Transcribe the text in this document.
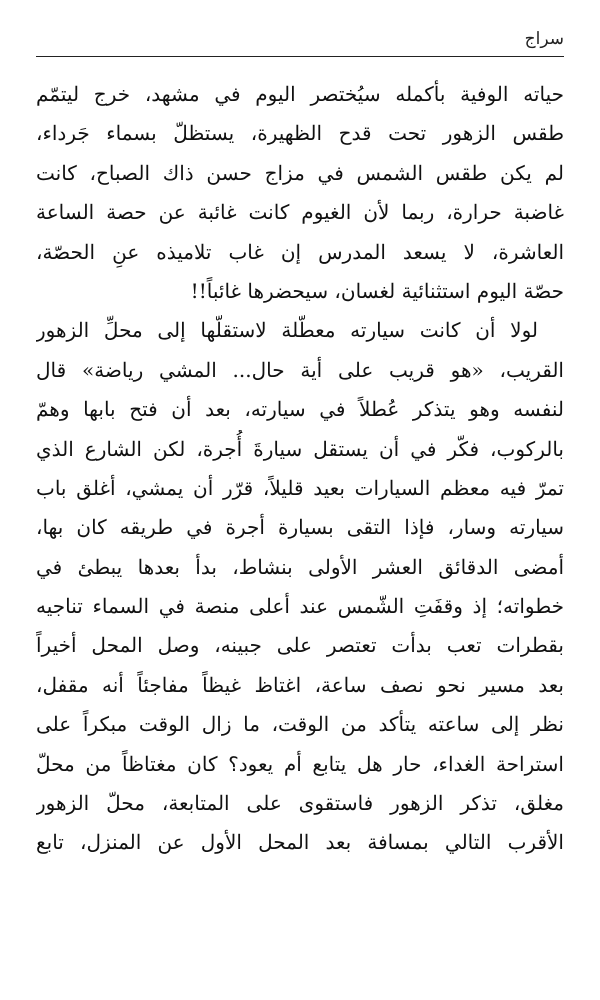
سراج
حياته الوفية بأكمله سيُختصر اليوم في مشهد، خرج ليتمّم
طقس الزهور تحت قدح الظهيرة، يستظلّ بسماء جَرداء،
لم يكن طقس الشمس في مزاج حسن ذاك الصباح، كانت
غاضبة حرارة، ربما لأن الغيوم كانت غائبة عن حصة الساعة
العاشرة، لا يسعد المدرس إن غاب تلاميذه عنِ الحصّة،
حصّة اليوم استثنائية لغسان، سيحضرها غائباً!!
لولا أن كانت سيارته معطّلة لاستقلّها إلى محلِّ الزهور
القريب، «هو قريب على أية حال... المشي رياضة» قال
لنفسه وهو يتذكر عُطلاً في سيارته، بعد أن فتح بابها وهمّ
بالركوب، فكّر في أن يستقل سيارةَ أُجرة، لكن الشارع الذي
تمرّ فيه معظم السيارات بعيد قليلاً، قرّر أن يمشي، أغلق باب
سيارته وسار، فإذا التقى بسيارة أجرة في طريقه كان بها،
أمضى الدقائق العشر الأولى بنشاط، بدأ بعدها يبطئ في
خطواته؛ إذ وقفَتِ الشّمس عند أعلى منصة في السماء تناجيه
بقطرات تعب بدأت تعتصر على جبينه، وصل المحل أخيراً
بعد مسير نحو نصف ساعة، اغتاظ غيظاً مفاجئاً أنه مقفل،
نظر إلى ساعته يتأكد من الوقت، ما زال الوقت مبكراً على
استراحة الغداء، حار هل يتابع أم يعود؟ كان مغتاظاً من محلّ
مغلق، تذكر الزهور فاستقوى على المتابعة، محلّ الزهور
الأقرب التالي بمسافة بعد المحل الأول عن المنزل، تابع
